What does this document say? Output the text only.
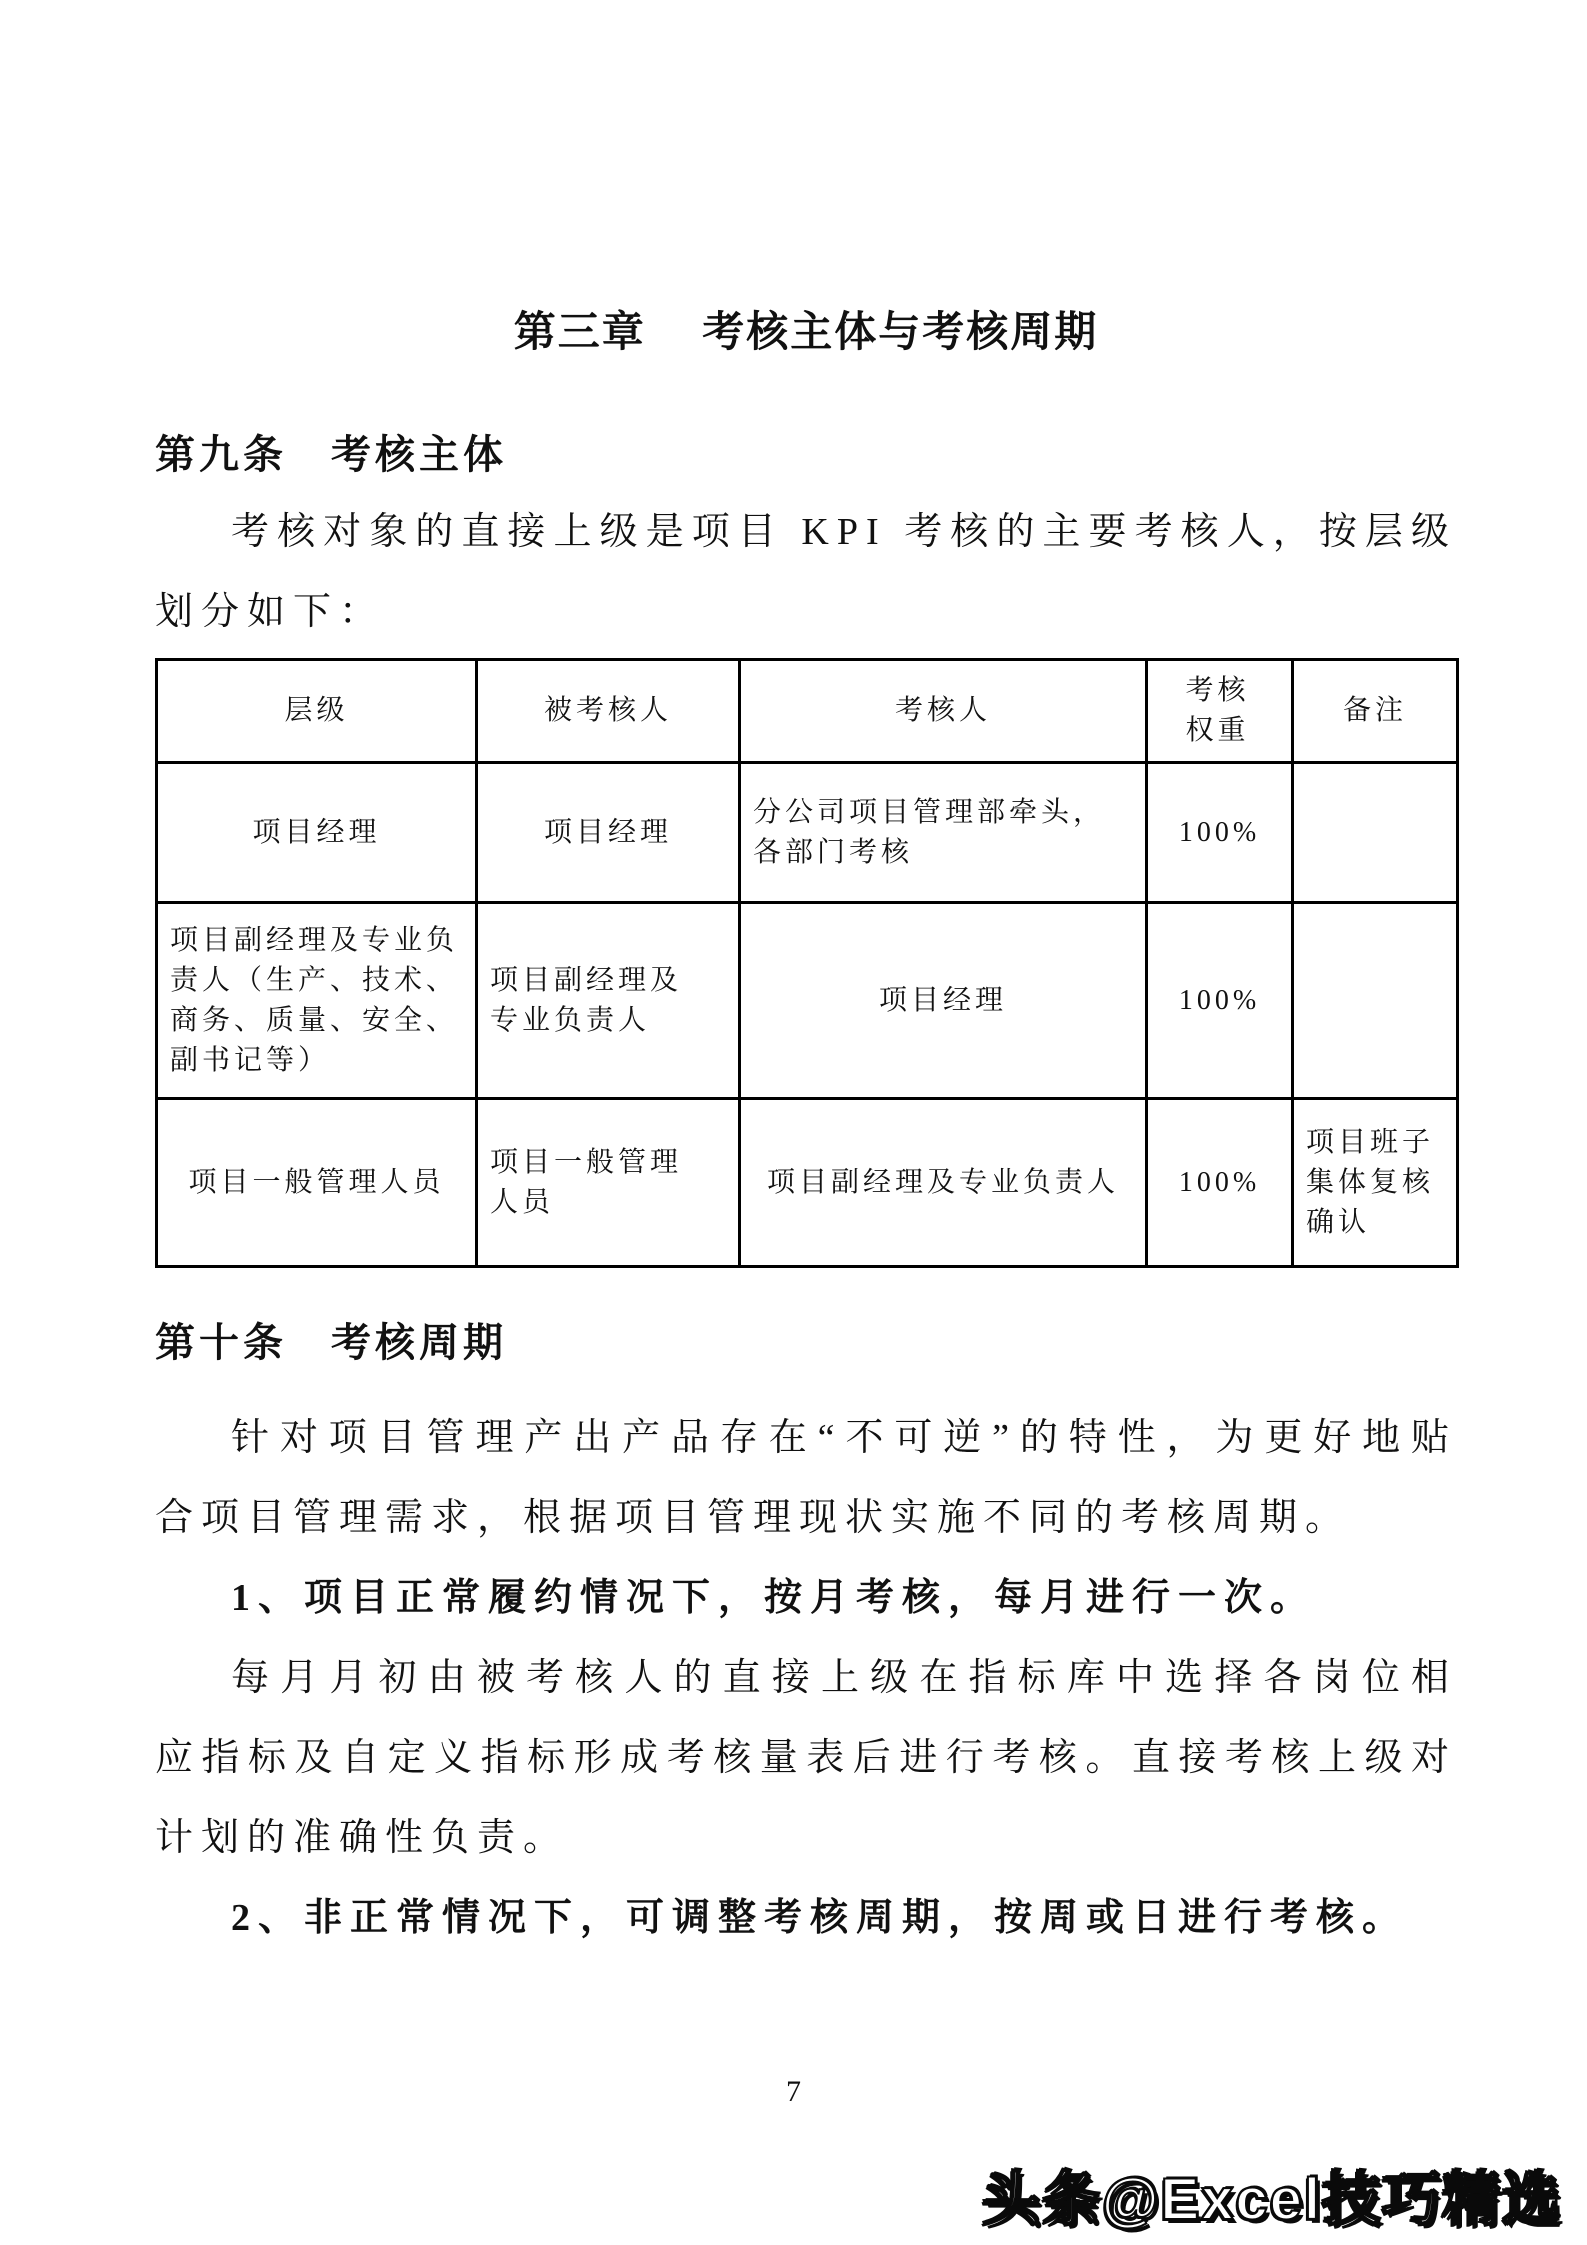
第三章　 考核主体与考核周期
第九条　考核主体
考核对象的直接上级是项目 KPI 考核的主要考核人，按层级
划分如下：
层级	被考核人	考核人	考核权重	备注
项目经理	项目经理	分公司项目管理部牵头，各部门考核	100%	
项目副经理及专业负责人（生产、技术、商务、质量、安全、副书记等）	项目副经理及专业负责人	项目经理	100%	
项目一般管理人员	项目一般管理人员	项目副经理及专业负责人	100%	项目班子集体复核确认
第十条　考核周期
针对项目管理产出产品存在“不可逆”的特性，为更好地贴
合项目管理需求，根据项目管理现状实施不同的考核周期。
1、项目正常履约情况下，按月考核，每月进行一次。
每月月初由被考核人的直接上级在指标库中选择各岗位相
应指标及自定义指标形成考核量表后进行考核。直接考核上级对
计划的准确性负责。
2、非正常情况下，可调整考核周期，按周或日进行考核。
7
头条@Excel技巧精选
